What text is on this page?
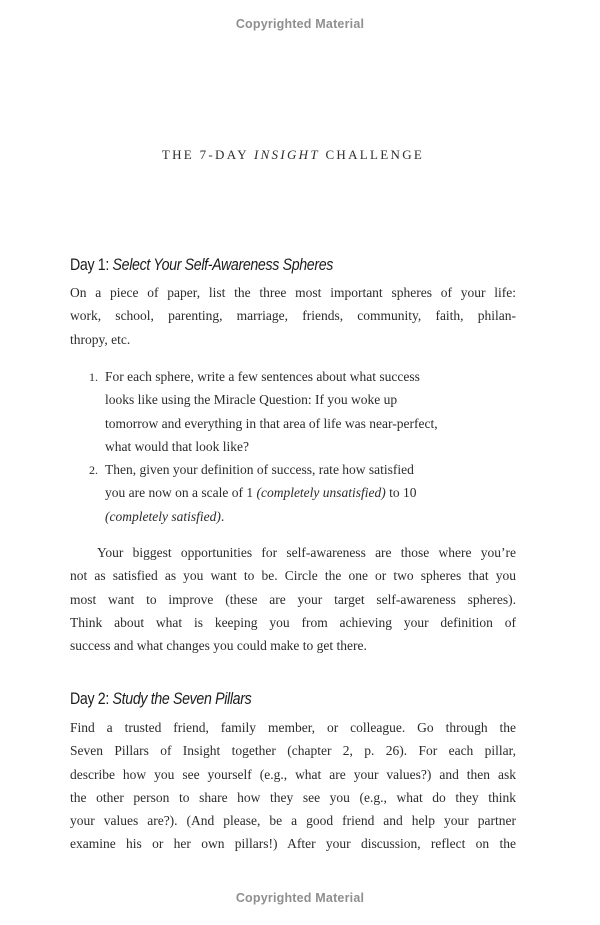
Copyrighted Material
THE 7-DAY INSIGHT CHALLENGE
Day 1: Select Your Self-Awareness Spheres
On a piece of paper, list the three most important spheres of your life:
work, school, parenting, marriage, friends, community, faith, philan-
thropy, etc.
1. For each sphere, write a few sentences about what success
looks like using the Miracle Question: If you woke up
tomorrow and everything in that area of life was near-perfect,
what would that look like?
2. Then, given your definition of success, rate how satisfied
you are now on a scale of 1 (completely unsatisfied) to 10
(completely satisfied).
Your biggest opportunities for self-awareness are those where you’re
not as satisfied as you want to be. Circle the one or two spheres that you
most want to improve (these are your target self-awareness spheres).
Think about what is keeping you from achieving your definition of
success and what changes you could make to get there.
Day 2: Study the Seven Pillars
Find a trusted friend, family member, or colleague. Go through the
Seven Pillars of Insight together (chapter 2, p. 26). For each pillar,
describe how you see yourself (e.g., what are your values?) and then ask
the other person to share how they see you (e.g., what do they think
your values are?). (And please, be a good friend and help your partner
examine his or her own pillars!) After your discussion, reflect on the
Copyrighted Material
